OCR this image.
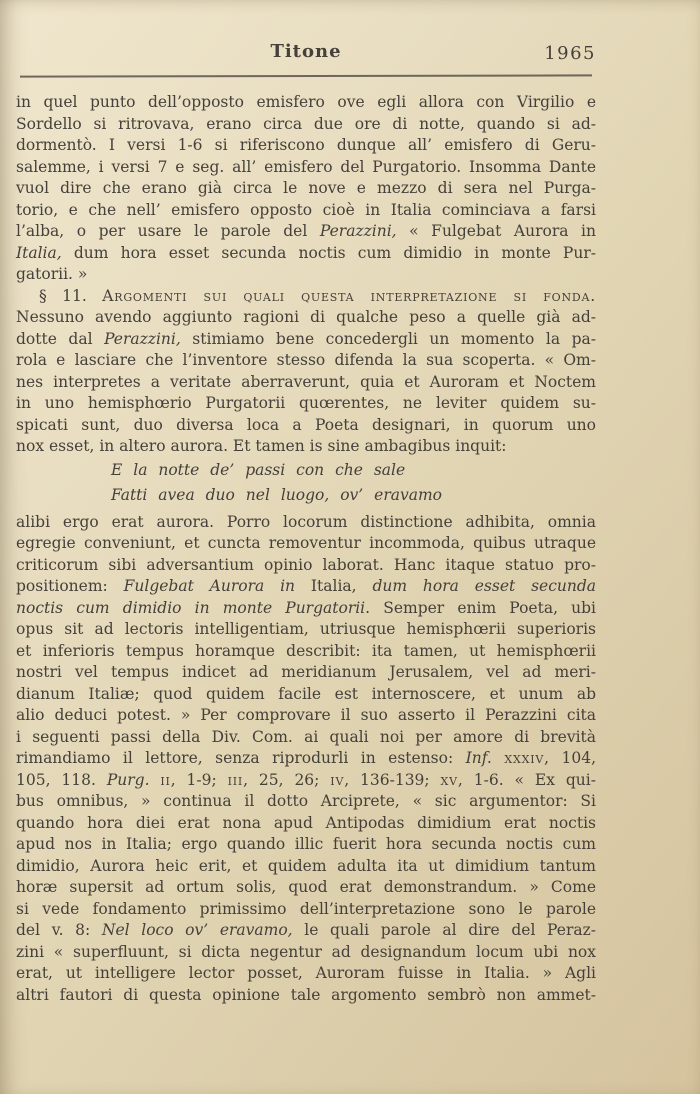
Titone	1965
in quel punto dell’opposto emisfero ove egli allora con Virgilio e
Sordello si ritrovava, erano circa due ore di notte, quando si ad-
dormentò. I versi 1-6 si riferiscono dunque all’ emisfero di Geru-
salemme, i versi 7 e seg. all’ emisfero del Purgatorio. Insomma Dante
vuol dire che erano già circa le nove e mezzo di sera nel Purga-
torio, e che nell’ emisfero opposto cioè in Italia cominciava a farsi
l’alba, o per usare le parole del Perazzini, « Fulgebat Aurora in
Italia, dum hora esset secunda noctis cum dimidio in monte Pur-
gatorii. »
§ 11. Argomenti sui quali questa interpretazione si fonda.
Nessuno avendo aggiunto ragioni di qualche peso a quelle già ad-
dotte dal Perazzini, stimiamo bene concedergli un momento la pa-
rola e lasciare che l’inventore stesso difenda la sua scoperta. « Om-
nes interpretes a veritate aberraverunt, quia et Auroram et Noctem
in uno hemisphœrio Purgatorii quœrentes, ne leviter quidem su-
spicati sunt, duo diversa loca a Poeta designari, in quorum uno
nox esset, in altero aurora. Et tamen is sine ambagibus inquit:
E la notte de’ passi con che sale
Fatti avea duo nel luogo, ov’ eravamo
alibi ergo erat aurora. Porro locorum distinctione adhibita, omnia
egregie conveniunt, et cuncta removentur incommoda, quibus utraque
criticorum sibi adversantium opinio laborat. Hanc itaque statuo pro-
positionem: Fulgebat Aurora in Italia, dum hora esset secunda
noctis cum dimidio in monte Purgatorii. Semper enim Poeta, ubi
opus sit ad lectoris intelligentiam, utriusque hemisphœrii superioris
et inferioris tempus horamque describit: ita tamen, ut hemisphœrii
nostri vel tempus indicet ad meridianum Jerusalem, vel ad meri-
dianum Italiæ; quod quidem facile est internoscere, et unum ab
alio deduci potest. » Per comprovare il suo asserto il Perazzini cita
i seguenti passi della Div. Com. ai quali noi per amore di brevità
rimandiamo il lettore, senza riprodurli in estenso: Inf. xxxiv, 104,
105, 118. Purg. ii, 1-9; iii, 25, 26; iv, 136-139; xv, 1-6. « Ex qui-
bus omnibus, » continua il dotto Arciprete, « sic argumentor: Si
quando hora diei erat nona apud Antipodas dimidium erat noctis
apud nos in Italia; ergo quando illic fuerit hora secunda noctis cum
dimidio, Aurora heic erit, et quidem adulta ita ut dimidium tantum
horæ supersit ad ortum solis, quod erat demonstrandum. » Come
si vede fondamento primissimo dell’interpretazione sono le parole
del v. 8: Nel loco ov’ eravamo, le quali parole al dire del Peraz-
zini « superfluunt, si dicta negentur ad designandum locum ubi nox
erat, ut intelligere lector posset, Auroram fuisse in Italia. » Agli
altri fautori di questa opinione tale argomento sembrò non ammet-
